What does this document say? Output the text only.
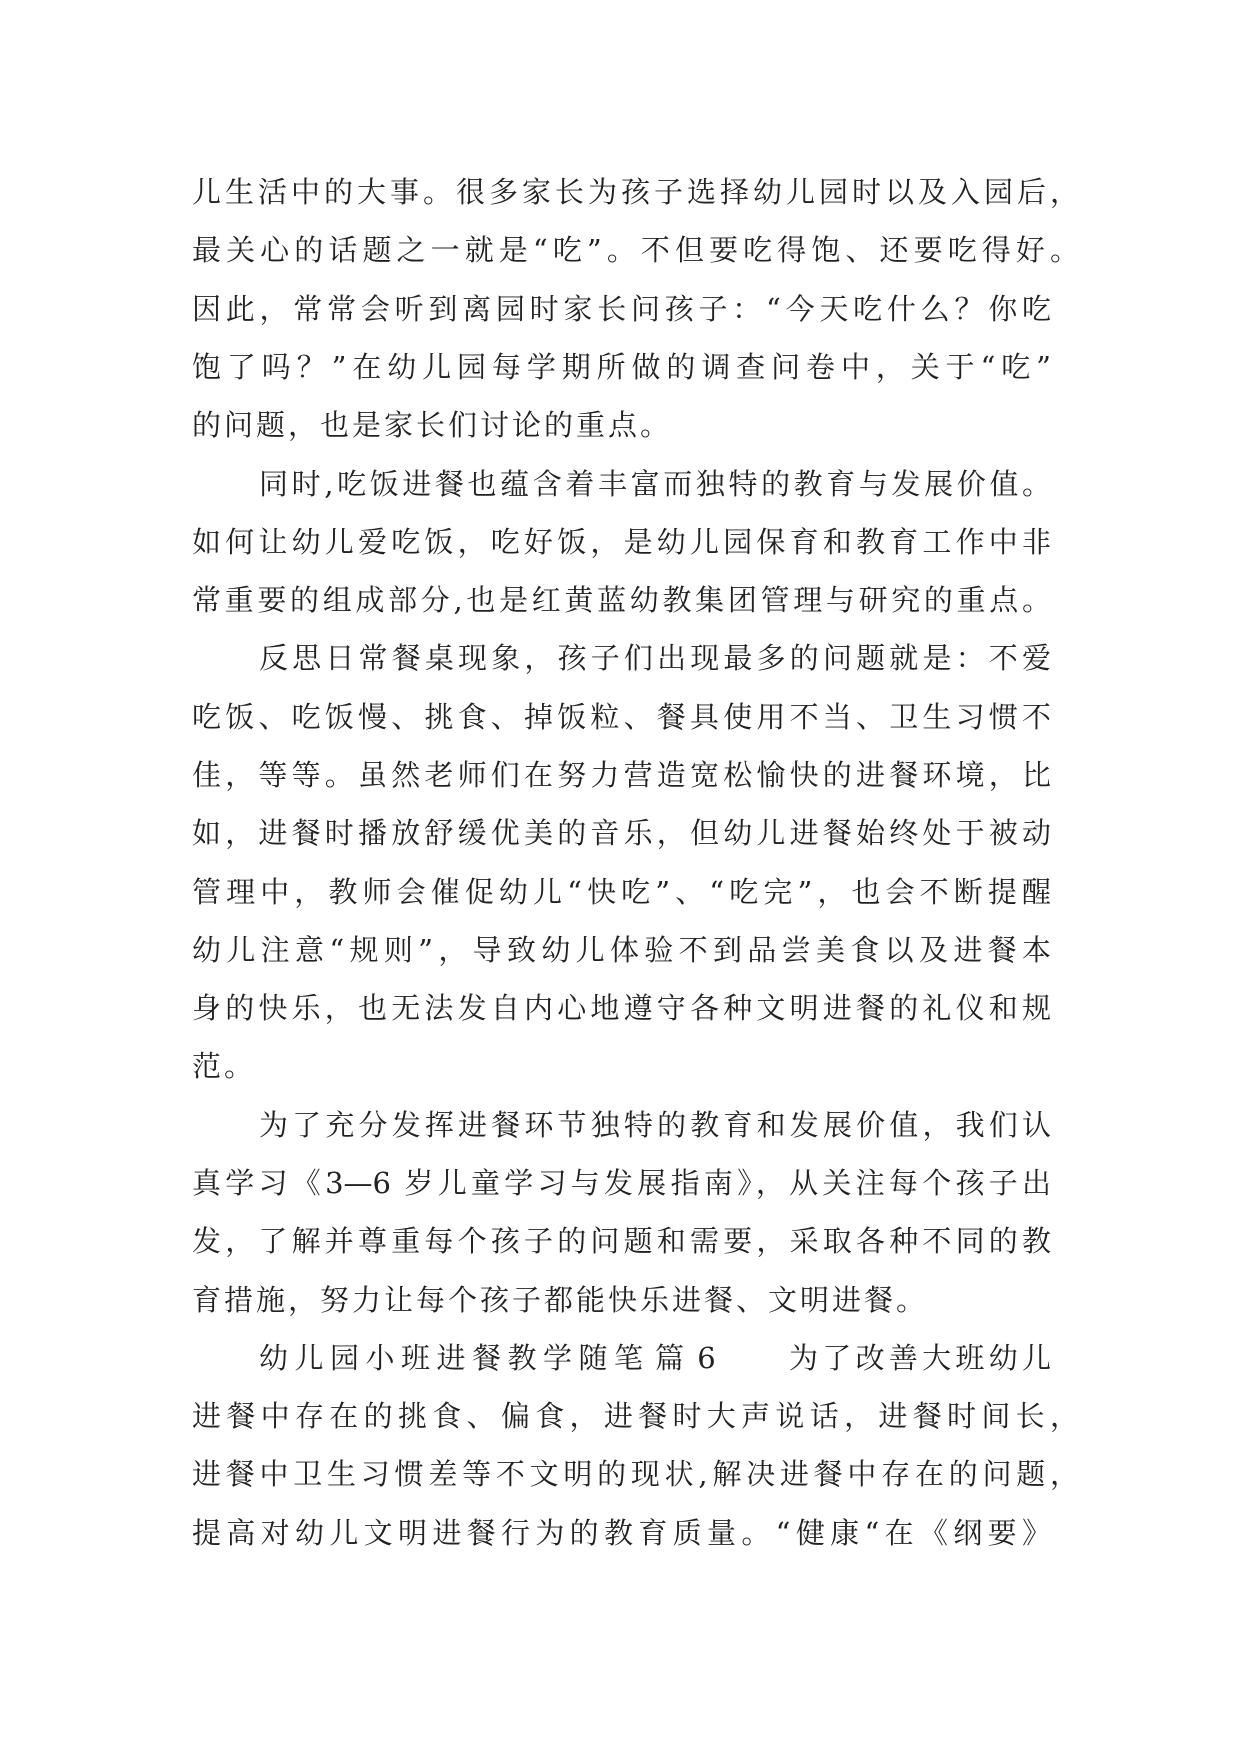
儿生活中的大事。很多家长为孩子选择幼儿园时以及入园后，
最关心的话题之一就是“吃”。不但要吃得饱、还要吃得好。
因此，常常会听到离园时家长问孩子：“今天吃什么？你吃
饱了吗？”在幼儿园每学期所做的调查问卷中，关于“吃”
的问题，也是家长们讨论的重点。
同时,吃饭进餐也蕴含着丰富而独特的教育与发展价值。
如何让幼儿爱吃饭，吃好饭，是幼儿园保育和教育工作中非
常重要的组成部分,也是红黄蓝幼教集团管理与研究的重点。
反思日常餐桌现象，孩子们出现最多的问题就是：不爱
吃饭、吃饭慢、挑食、掉饭粒、餐具使用不当、卫生习惯不
佳，等等。虽然老师们在努力营造宽松愉快的进餐环境，比
如，进餐时播放舒缓优美的音乐，但幼儿进餐始终处于被动
管理中，教师会催促幼儿“快吃”、“吃完”，也会不断提醒
幼儿注意“规则”，导致幼儿体验不到品尝美食以及进餐本
身的快乐，也无法发自内心地遵守各种文明进餐的礼仪和规
范。
为了充分发挥进餐环节独特的教育和发展价值，我们认
真学习《3—6 岁儿童学习与发展指南》，从关注每个孩子出
发，了解并尊重每个孩子的问题和需要，采取各种不同的教
育措施，努力让每个孩子都能快乐进餐、文明进餐。
幼儿园小班进餐教学随笔 篇 6	为了改善大班幼儿
进餐中存在的挑食、偏食，进餐时大声说话，进餐时间长，
进餐中卫生习惯差等不文明的现状,解决进餐中存在的问题，
提高对幼儿文明进餐行为的教育质量。“健康“在《纲要》
